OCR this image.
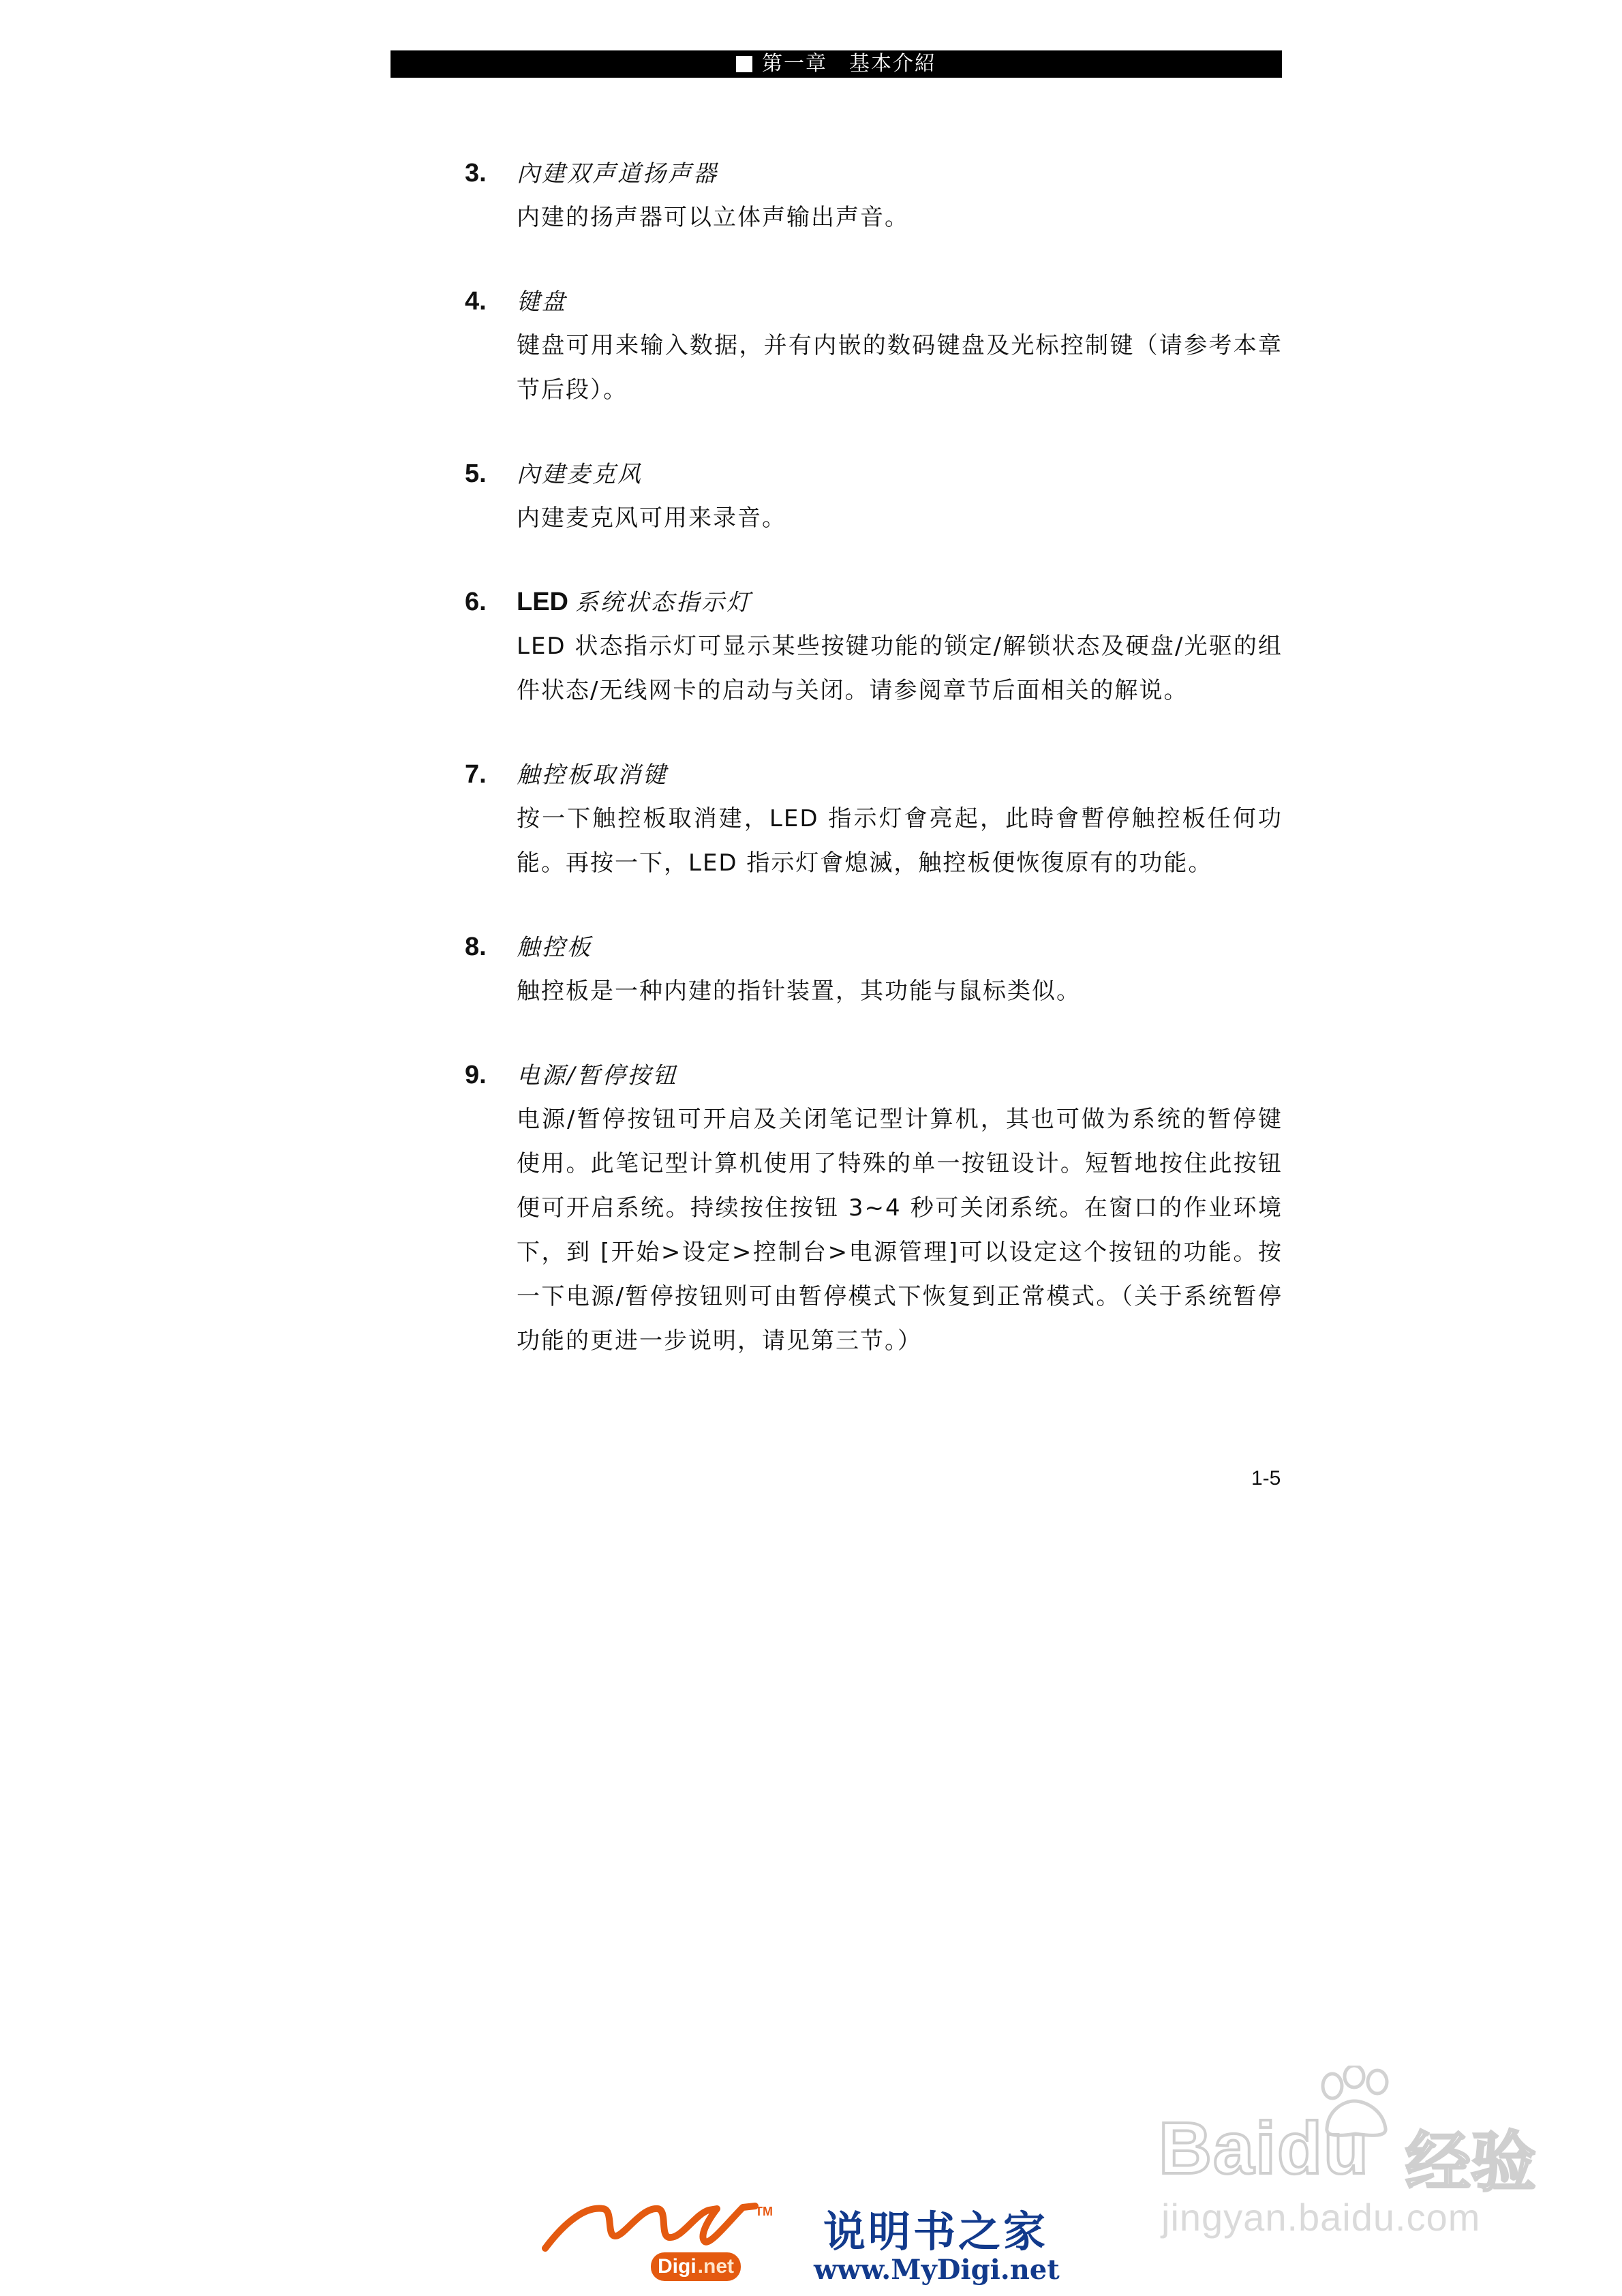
第一章　基本介紹
3.	內建双声道扬声器
内建的扬声器可以立体声输出声音。
4.	键盘
键盘可用来输入数据，并有内嵌的数码键盘及光标控制键（请参考本章节后段）。
5.	內建麦克风
内建麦克风可用来录音。
6.	LED 系统状态指示灯
LED 状态指示灯可显示某些按键功能的锁定/解锁状态及硬盘/光驱的组件状态/无线网卡的启动与关闭。请参阅章节后面相关的解说。
7.	触控板取消键
按一下触控板取消建，LED 指示灯會亮起，此時會暫停触控板任何功能。再按一下，LED 指示灯會熄滅，触控板便恢復原有的功能。
8.	触控板
触控板是一种内建的指针装置，其功能与鼠标类似。
9.	电源/暂停按钮
电源/暂停按钮可开启及关闭笔记型计算机，其也可做为系统的暂停键使用。此笔记型计算机使用了特殊的单一按钮设计。短暂地按住此按钮便可开启系统。持续按住按钮 3~4 秒可关闭系统。在窗口的作业环境下，到 [开始>设定>控制台>电源管理]可以设定这个按钮的功能。按一下电源/暂停按钮则可由暂停模式下恢复到正常模式。（关于系统暂停功能的更进一步说明，请见第三节。）
1-5
TM
Digi .net
说明书之家
www.MyDigi.net
Baidu 经验
jingyan.baidu.com
